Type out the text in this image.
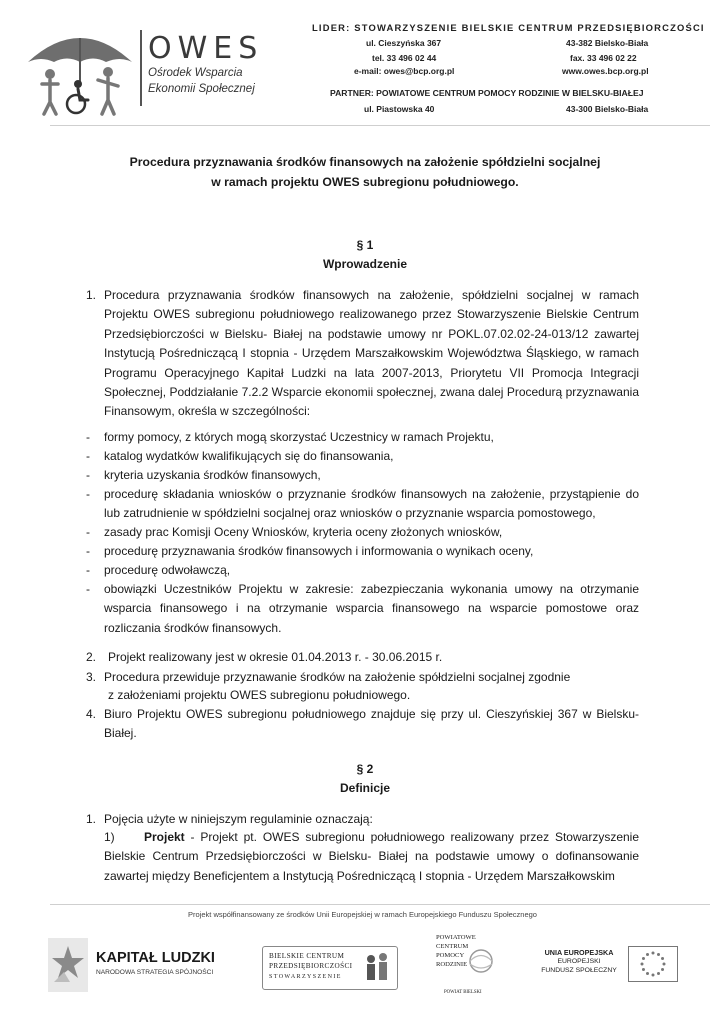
OWES
Ośrodek Wsparcia
Ekonomii Społecznej
LIDER: STOWARZYSZENIE BIELSKIE CENTRUM PRZEDSIĘBIORCZOŚCI
ul. Cieszyńska 367	43-382 Bielsko-Biała
tel. 33 496 02 44	fax. 33 496 02 22
e-mail: owes@bcp.org.pl	www.owes.bcp.org.pl
PARTNER: POWIATOWE CENTRUM POMOCY RODZINIE W BIELSKU-BIAŁEJ
ul. Piastowska 40	43-300 Bielsko-Biała
Procedura przyznawania środków finansowych na założenie spółdzielni socjalnej
w ramach projektu OWES subregionu południowego.
§ 1
Wprowadzenie
1. Procedura przyznawania środków finansowych na założenie, spółdzielni socjalnej w ramach Projektu OWES subregionu południowego realizowanego przez Stowarzyszenie Bielskie Centrum Przedsiębiorczości w Bielsku- Białej na podstawie umowy nr POKL.07.02.02-24-013/12 zawartej Instytucją Pośredniczącą I stopnia - Urzędem Marszałkowskim Województwa Śląskiego, w ramach Programu Operacyjnego Kapitał Ludzki na lata 2007-2013, Priorytetu VII Promocja Integracji Społecznej, Poddziałanie 7.2.2 Wsparcie ekonomii społecznej, zwana dalej Procedurą przyznawania Finansowym, określa w szczególności:
- formy pomocy, z których mogą skorzystać Uczestnicy w ramach Projektu,
- katalog wydatków kwalifikujących się do finansowania,
- kryteria uzyskania środków finansowych,
- procedurę składania wniosków o przyznanie środków finansowych na założenie, przystąpienie do lub zatrudnienie w spółdzielni socjalnej oraz wniosków o przyznanie wsparcia pomostowego,
- zasady prac Komisji Oceny Wniosków, kryteria oceny złożonych wniosków,
- procedurę przyznawania środków finansowych i informowania o wynikach oceny,
- procedurę odwoławczą,
- obowiązki Uczestników Projektu w zakresie: zabezpieczania wykonania umowy na otrzymanie wsparcia finansowego i na otrzymanie wsparcia finansowego na wsparcie pomostowe oraz rozliczania środków finansowych.
2. Projekt realizowany jest w okresie 01.04.2013 r. - 30.06.2015 r.
3. Procedura przewiduje przyznawanie środków na założenie spółdzielni socjalnej zgodnie
z założeniami projektu OWES subregionu południowego.
4. Biuro Projektu OWES subregionu południowego znajduje się przy ul. Cieszyńskiej 367 w Bielsku-Białej.
§ 2
Definicje
1. Pojęcia użyte w niniejszym regulaminie oznaczają:
1) Projekt - Projekt pt. OWES subregionu południowego realizowany przez Stowarzyszenie Bielskie Centrum Przedsiębiorczości w Bielsku- Białej na podstawie umowy o dofinansowanie zawartej między Beneficjentem a Instytucją Pośredniczącą I stopnia - Urzędem Marszałkowskim
Projekt współfinansowany ze środków Unii Europejskiej w ramach Europejskiego Funduszu Społecznego
KAPITAŁ LUDZKI
NARODOWA STRATEGIA SPÓJNOŚCI
BIELSKIE CENTRUM
PRZEDSIĘBIORCZOŚCI
STOWARZYSZENIE
POWIATOWE
CENTRUM
POMOCY
RODZINIE
POWIAT BIELSKI
UNIA EUROPEJSKA
EUROPEJSKI
FUNDUSZ SPOŁECZNY
